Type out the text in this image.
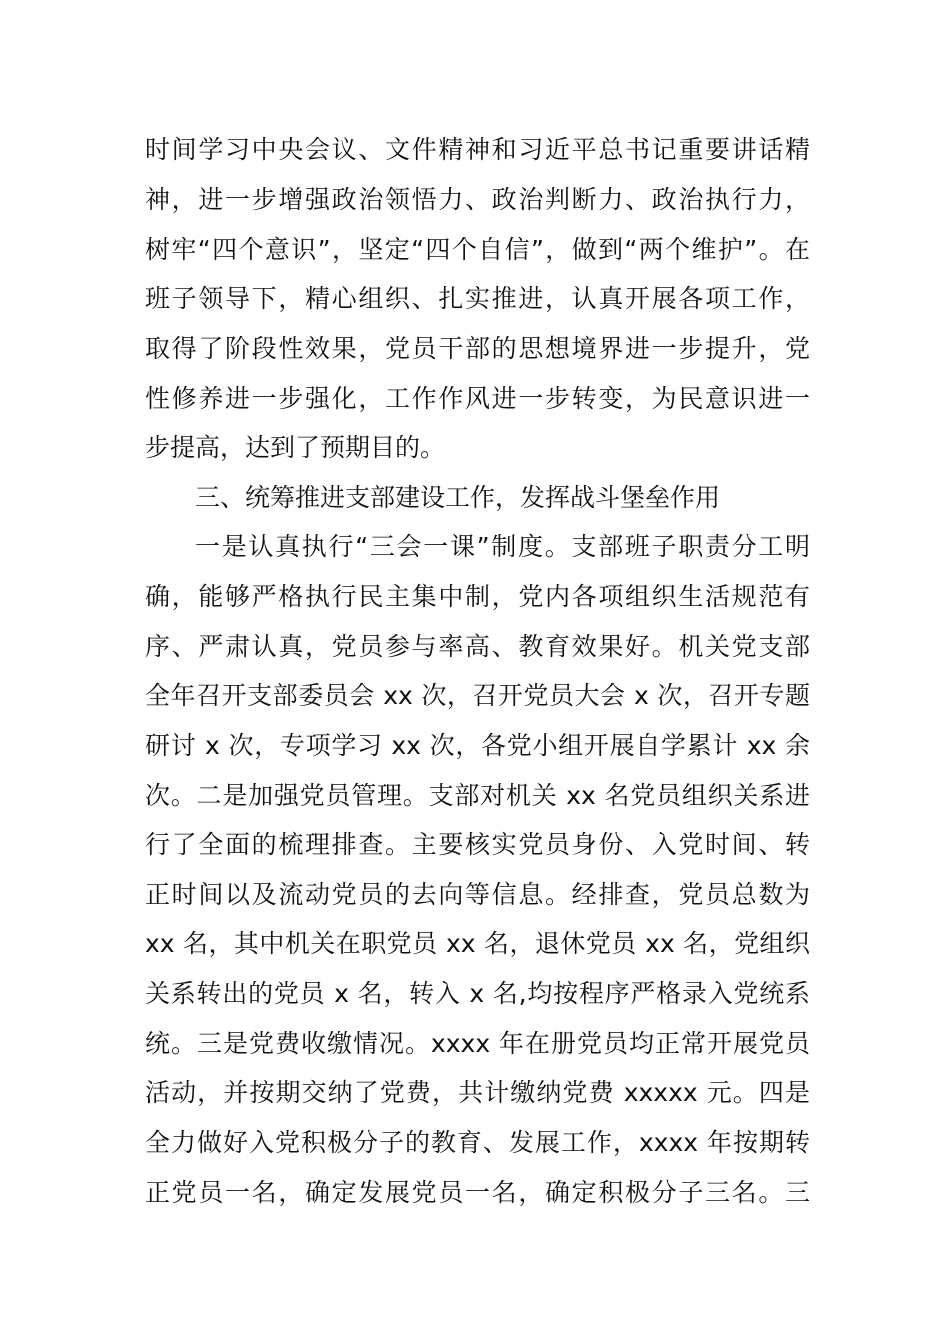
时间学习中央会议、文件精神和习近平总书记重要讲话精
神，进一步增强政治领悟力、政治判断力、政治执行力，
树牢“四个意识”，坚定“四个自信”，做到“两个维护”。在
班子领导下，精心组织、扎实推进，认真开展各项工作，
取得了阶段性效果，党员干部的思想境界进一步提升，党
性修养进一步强化，工作作风进一步转变，为民意识进一
步提高，达到了预期目的。
三、统筹推进支部建设工作，发挥战斗堡垒作用
一是认真执行“三会一课”制度。支部班子职责分工明
确，能够严格执行民主集中制，党内各项组织生活规范有
序、严肃认真，党员参与率高、教育效果好。机关党支部
全年召开支部委员会 xx 次，召开党员大会 x 次，召开专题
研讨 x 次，专项学习 xx 次，各党小组开展自学累计 xx 余
次。二是加强党员管理。支部对机关 xx 名党员组织关系进
行了全面的梳理排查。主要核实党员身份、入党时间、转
正时间以及流动党员的去向等信息。经排查，党员总数为
xx 名，其中机关在职党员 xx 名，退休党员 xx 名，党组织
关系转出的党员 x 名，转入 x 名,均按程序严格录入党统系
统。三是党费收缴情况。xxxx 年在册党员均正常开展党员
活动，并按期交纳了党费，共计缴纳党费 xxxxx 元。四是
全力做好入党积极分子的教育、发展工作，xxxx 年按期转
正党员一名，确定发展党员一名，确定积极分子三名。三
